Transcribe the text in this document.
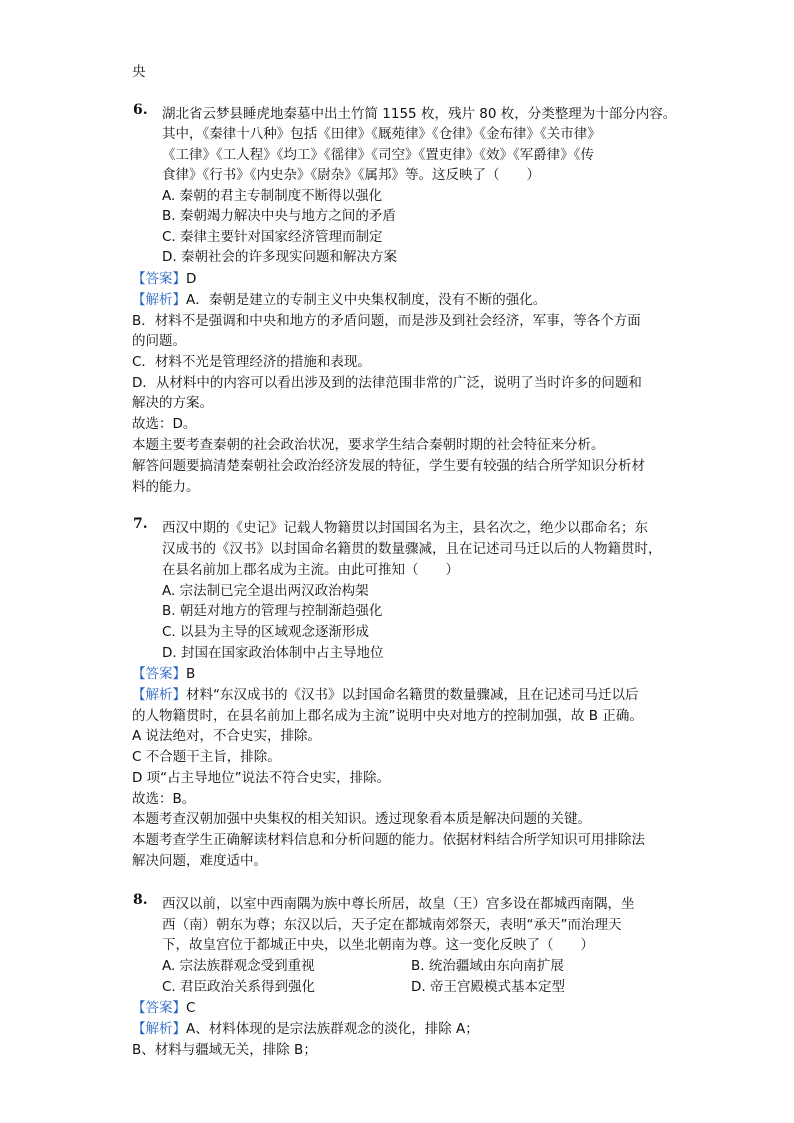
央
6. 湖北省云梦县睡虎地秦墓中出土竹简 1155 枚，残片 80 枚，分类整理为十部分内容。
其中，《秦律十八种》包括《田律》《厩苑律》《仓律》《金布律》《关市律》
《工律》《工人程》《均工》《徭律》《司空》《置吏律》《效》《军爵律》《传
食律》《行书》《内史杂》《尉杂》《属邦》等。这反映了（　　）
A. 秦朝的君主专制制度不断得以强化
B. 秦朝竭力解决中央与地方之间的矛盾
C. 秦律主要针对国家经济管理而制定
D. 秦朝社会的许多现实问题和解决方案
【答案】D
【解析】A．秦朝是建立的专制主义中央集权制度，没有不断的强化。
B．材料不是强调和中央和地方的矛盾问题，而是涉及到社会经济，军事，等各个方面
的问题。
C．材料不光是管理经济的措施和表现。
D．从材料中的内容可以看出涉及到的法律范围非常的广泛，说明了当时许多的问题和
解决的方案。
故选：D。
本题主要考查秦朝的社会政治状况，要求学生结合秦朝时期的社会特征来分析。
解答问题要搞清楚秦朝社会政治经济发展的特征，学生要有较强的结合所学知识分析材
料的能力。
7. 西汉中期的《史记》记载人物籍贯以封国国名为主，县名次之，绝少以郡命名；东
汉成书的《汉书》以封国命名籍贯的数量骤减，且在记述司马迁以后的人物籍贯时，
在县名前加上郡名成为主流。由此可推知（　　）
A. 宗法制已完全退出两汉政治构架
B. 朝廷对地方的管理与控制渐趋强化
C. 以县为主导的区域观念逐渐形成
D. 封国在国家政治体制中占主导地位
【答案】B
【解析】材料“东汉成书的《汉书》以封国命名籍贯的数量骤减，且在记述司马迁以后
的人物籍贯时，在县名前加上郡名成为主流”说明中央对地方的控制加强，故 B 正确。
A 说法绝对，不合史实，排除。
C 不合题干主旨，排除。
D 项“占主导地位”说法不符合史实，排除。
故选：B。
本题考查汉朝加强中央集权的相关知识。透过现象看本质是解决问题的关键。
本题考查学生正确解读材料信息和分析问题的能力。依据材料结合所学知识可用排除法
解决问题，难度适中。
8. 西汉以前，以室中西南隅为族中尊长所居，故皇（王）宫多设在都城西南隅，坐
西（南）朝东为尊；东汉以后，天子定在都城南郊祭天，表明“承天”而治理天
下，故皇宫位于都城正中央，以坐北朝南为尊。这一变化反映了（　　）
A. 宗法族群观念受到重视	B. 统治疆域由东向南扩展
C. 君臣政治关系得到强化	D. 帝王宫殿模式基本定型
【答案】C
【解析】A、材料体现的是宗法族群观念的淡化，排除 A；
B、材料与疆域无关，排除 B；
